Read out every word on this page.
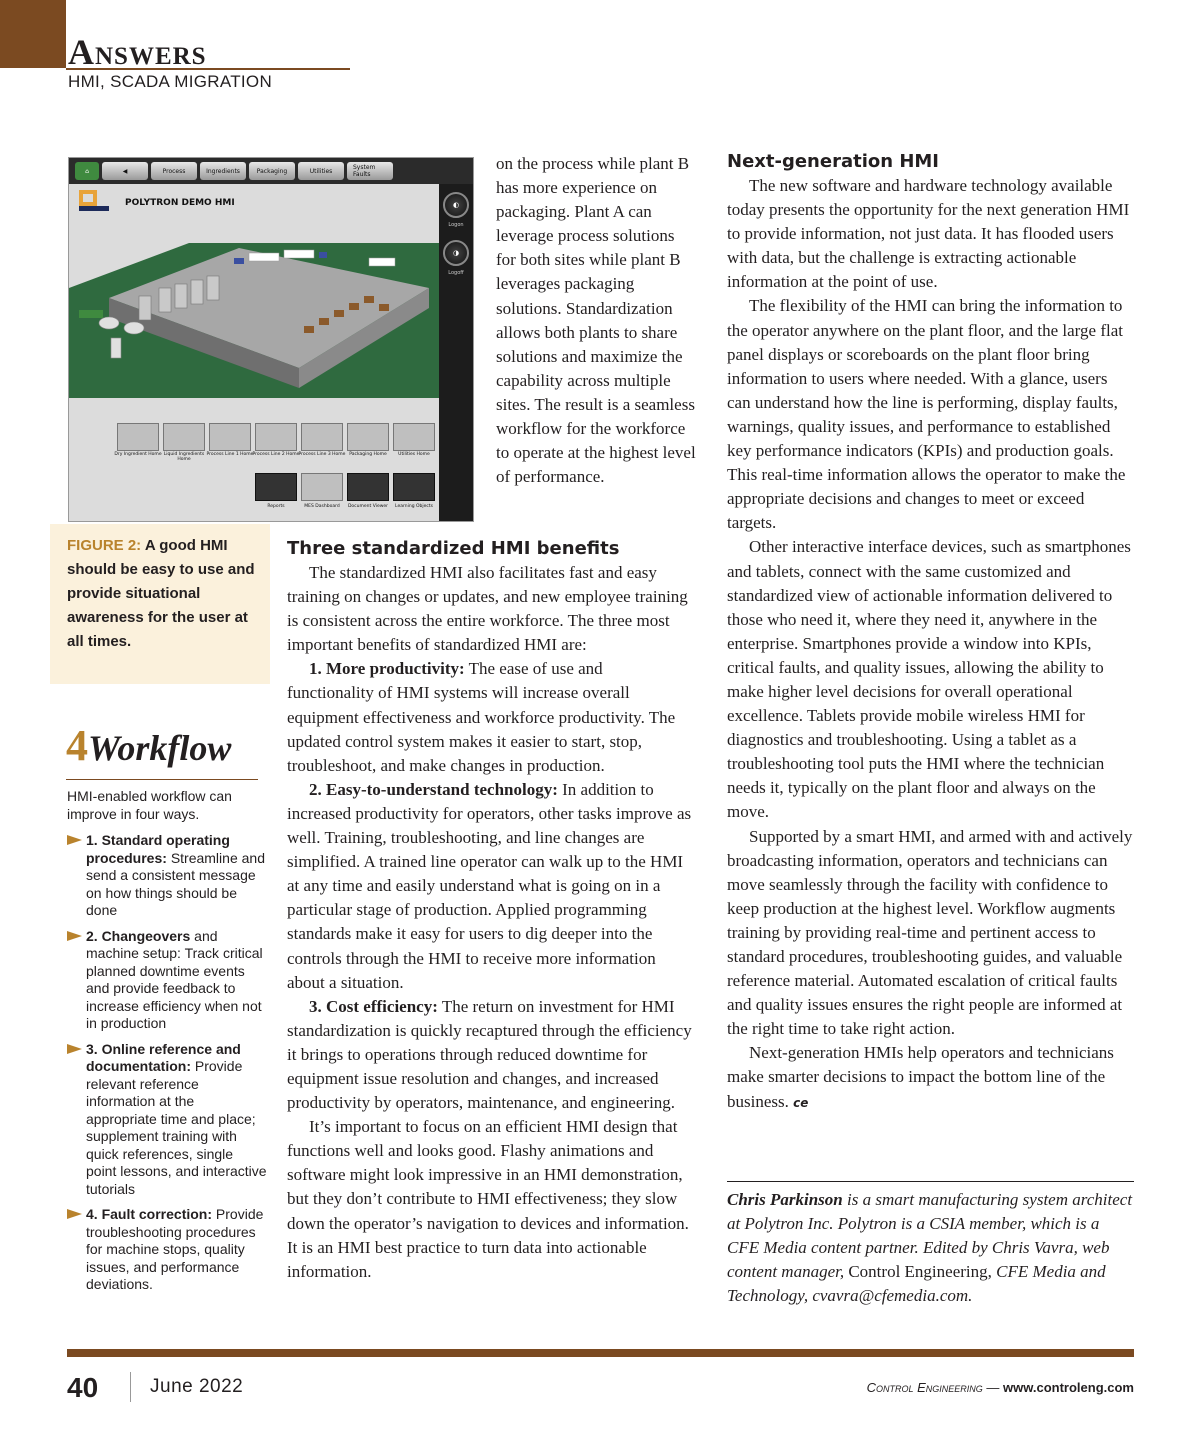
Answers
HMI, SCADA MIGRATION
⌂	◀	Process	Ingredients	Packaging	Utilities	System Faults
POLYTRON DEMO HMI	◐
Logon
◑
Logoff
Dry Ingredient Home Liquid Ingredients Home
Process Line 1 Home Process Line 2 Home Process Line 3 Home Packaging Home	Utilities Home
Reports	MES Dashboard	Document Viewer	Learning Objects
FIGURE 2: A good HMI should be easy to use and provide situational awareness for the user at all times.
4Workflow
HMI-enabled workflow can improve in four ways.
1. Standard operating procedures: Streamline and send a consistent message on how things should be done
2. Changeovers and machine setup: Track critical planned downtime events and provide feedback to increase efficiency when not in production
3. Online reference and documentation: Provide relevant reference information at the appropriate time and place; supplement training with quick references, single point lessons, and interactive tutorials
4. Fault correction: Provide troubleshooting procedures for machine stops, quality issues, and performance deviations.

on the process while plant B has more experience on packaging. Plant A can leverage process solutions for both sites while plant B leverages packaging solutions. Standardization allows both plants to share solutions and maximize the capability across multiple sites. The result is a seamless workflow for the workforce to operate at the highest level of performance.

Three standardized HMI benefits

The standardized HMI also facilitates fast and easy training on changes or updates, and new employee training is consistent across the entire workforce. The three most important benefits of standardized HMI are:

1. More productivity: The ease of use and functionality of HMI systems will increase overall equipment effectiveness and workforce productivity. The updated control system makes it easier to start, stop, troubleshoot, and make changes in production.

2. Easy-to-understand technology: In addition to increased productivity for operators, other tasks improve as well. Training, troubleshooting, and line changes are simplified. A trained line operator can walk up to the HMI at any time and easily understand what is going on in a particular stage of production. Applied programming standards make it easy for users to dig deeper into the controls through the HMI to receive more information about a situation.

3. Cost efficiency: The return on investment for HMI standardization is quickly recaptured through the efficiency it brings to operations through reduced downtime for equipment issue resolution and changes, and increased productivity by operators, maintenance, and engineering.

It’s important to focus on an efficient HMI design that functions well and looks good. Flashy animations and software might look impressive in an HMI demonstration, but they don’t contribute to HMI effectiveness; they slow down the operator’s navigation to devices and information. It is an HMI best practice to turn data into actionable information.

Next-generation HMI

The new software and hardware technology available today presents the opportunity for the next generation HMI to provide information, not just data. It has flooded users with data, but the challenge is extracting actionable information at the point of use.

The flexibility of the HMI can bring the information to the operator anywhere on the plant floor, and the large flat panel displays or scoreboards on the plant floor bring information to users where needed. With a glance, users can understand how the line is performing, display faults, warnings, quality issues, and performance to established key performance indicators (KPIs) and production goals. This real-time information allows the operator to make the appropriate decisions and changes to meet or exceed targets.

Other interactive interface devices, such as smartphones and tablets, connect with the same customized and standardized view of actionable information delivered to those who need it, where they need it, anywhere in the enterprise. Smartphones provide a window into KPIs, critical faults, and quality issues, allowing the ability to make higher level decisions for overall operational excellence. Tablets provide mobile wireless HMI for diagnostics and troubleshooting. Using a tablet as a troubleshooting tool puts the HMI where the technician needs it, typically on the plant floor and always on the move.

Supported by a smart HMI, and armed with and actively broadcasting information, operators and technicians can move seamlessly through the facility with confidence to keep production at the highest level. Workflow augments training by providing real-time and pertinent access to standard procedures, troubleshooting guides, and valuable reference material. Automated escalation of critical faults and quality issues ensures the right people are informed at the right time to take right action.

Next-generation HMIs help operators and technicians make smarter decisions to impact the bottom line of the business. ce

Chris Parkinson is a smart manufacturing system architect at Polytron Inc. Polytron is a CSIA member, which is a CFE Media content partner. Edited by Chris Vavra, web content manager, Control Engineering, CFE Media and Technology, cvavra@cfemedia.com.
40	June 2022	Control Engineering — www.controleng.com
